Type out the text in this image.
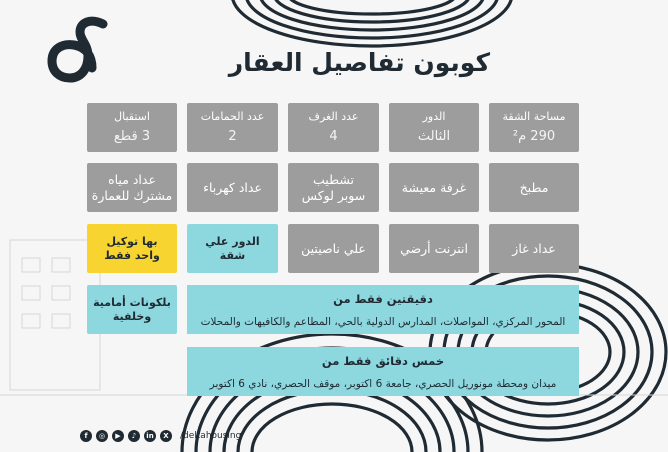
كوبون تفاصيل العقار
مساحة الشقة
290 م²
الدور
الثالث
عدد الغرف
4
عدد الحمامات
2
استقبال
3 قطع
مطبخ
غرفة معيشة
تشطيب
سوبر لوكس
عداد كهرباء
عداد مياه مشترك للعمارة
عداد غاز
انترنت أرضي
علي ناصيتين
الدور علي شقة
بها توكيل واحد فقط
بلكونات أمامية وخلفية
دقيقتين فقط من
المحور المركزي، المواصلات، المدارس الدولية بالحي، المطاعم والكافيهات والمحلات
خمس دقائق فقط من
ميدان ومحطة مونوريل الحصري، جامعة 6 اكتوبر، موقف الحصري، نادي 6 اكتوبر
f	◎	▶	♪	in	X	/deltahousing
